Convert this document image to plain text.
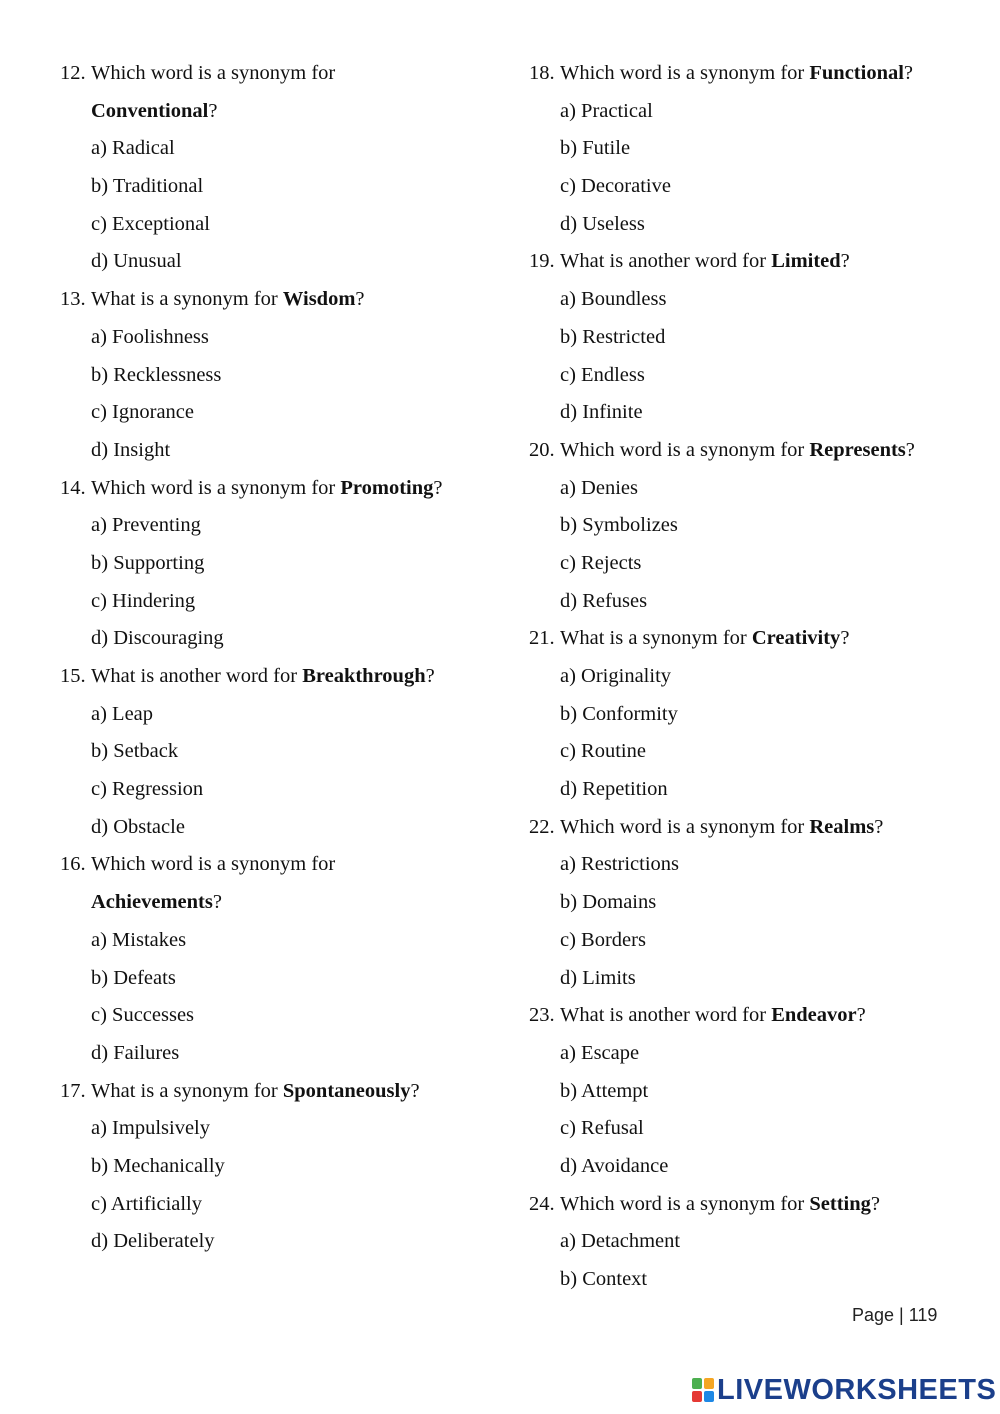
12. Which word is a synonym for
Conventional?
a) Radical
b) Traditional
c) Exceptional
d) Unusual
13. What is a synonym for Wisdom?
a) Foolishness
b) Recklessness
c) Ignorance
d) Insight
14. Which word is a synonym for Promoting?
a) Preventing
b) Supporting
c) Hindering
d) Discouraging
15. What is another word for Breakthrough?
a) Leap
b) Setback
c) Regression
d) Obstacle
16. Which word is a synonym for
Achievements?
a) Mistakes
b) Defeats
c) Successes
d) Failures
17. What is a synonym for Spontaneously?
a) Impulsively
b) Mechanically
c) Artificially
d) Deliberately
18. Which word is a synonym for Functional?
a) Practical
b) Futile
c) Decorative
d) Useless
19. What is another word for Limited?
a) Boundless
b) Restricted
c) Endless
d) Infinite
20. Which word is a synonym for Represents?
a) Denies
b) Symbolizes
c) Rejects
d) Refuses
21. What is a synonym for Creativity?
a) Originality
b) Conformity
c) Routine
d) Repetition
22. Which word is a synonym for Realms?
a) Restrictions
b) Domains
c) Borders
d) Limits
23. What is another word for Endeavor?
a) Escape
b) Attempt
c) Refusal
d) Avoidance
24. Which word is a synonym for Setting?
a) Detachment
b) Context
Page | 119
LIVEWORKSHEETS
